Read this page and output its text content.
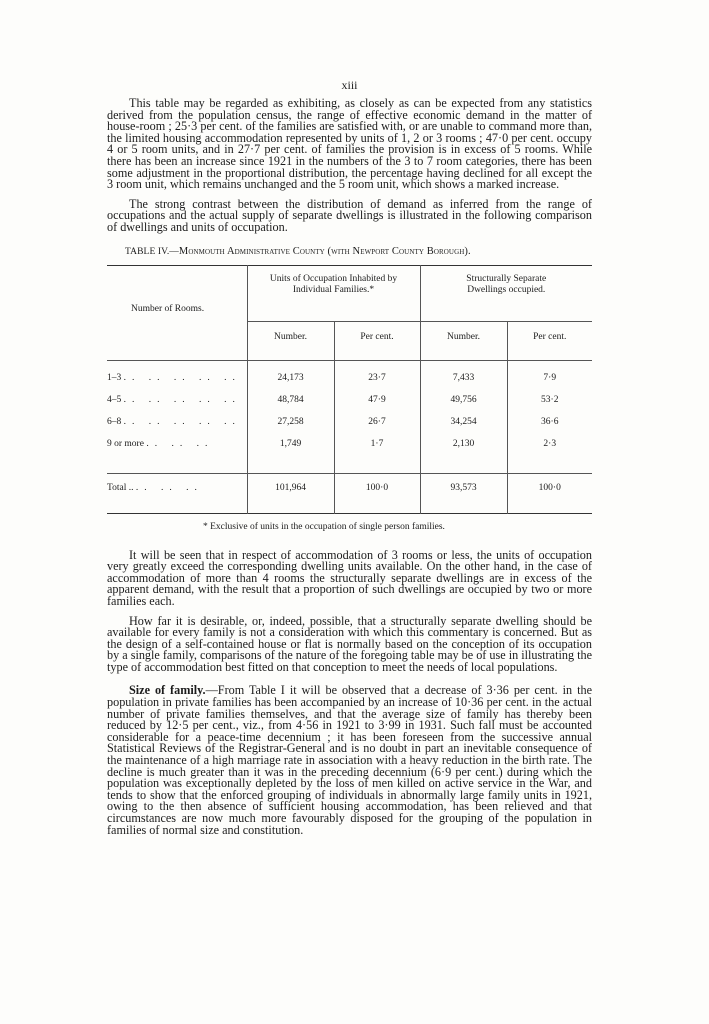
xiii

This table may be regarded as exhibiting, as closely as can be expected from any statistics derived from the population census, the range of effective economic demand in the matter of house-room ; 25·3 per cent. of the families are satisfied with, or are unable to command more than, the limited housing accommodation represented by units of 1, 2 or 3 rooms ; 47·0 per cent. occupy 4 or 5 room units, and in 27·7 per cent. of families the provision is in excess of 5 rooms. While there has been an increase since 1921 in the numbers of the 3 to 7 room categories, there has been some adjustment in the proportional distribution, the percentage having declined for all except the 3 room unit, which remains unchanged and the 5 room unit, which shows a marked increase.

The strong contrast between the distribution of demand as inferred from the range of occupations and the actual supply of separate dwellings is illustrated in the following comparison of dwellings and units of occupation.

TABLE IV.—Monmouth Administrative County (with Newport County Borough).
Number of Rooms.	Units of Occupation Inhabited by Individual Families.*		Structurally Separate Dwellings occupied.	
	Number.	Per cent.	Number.	Per cent.

1–3 .. .. .. .. ..	24,173	23·7	7,433	7·9
4–5 .. .. .. .. ..	48,784	47·9	49,756	53·2
6–8 .. .. .. .. ..	27,258	26·7	34,254	36·6
9 or more .. .. ..	1,749	1·7	2,130	2·3

Total .. .. .. ..	101,964	100·0	93,573	100·0
* Exclusive of units in the occupation of single person families.

It will be seen that in respect of accommodation of 3 rooms or less, the units of occupation very greatly exceed the corresponding dwelling units available. On the other hand, in the case of accommodation of more than 4 rooms the structurally separate dwellings are in excess of the apparent demand, with the result that a proportion of such dwellings are occupied by two or more families each.

How far it is desirable, or, indeed, possible, that a structurally separate dwelling should be available for every family is not a consideration with which this commentary is concerned. But as the design of a self-contained house or flat is normally based on the conception of its occupation by a single family, comparisons of the nature of the foregoing table may be of use in illustrating the type of accommodation best fitted on that conception to meet the needs of local populations.

Size of family.—From Table I it will be observed that a decrease of 3·36 per cent. in the population in private families has been accompanied by an increase of 10·36 per cent. in the actual number of private families themselves, and that the average size of family has thereby been reduced by 12·5 per cent., viz., from 4·56 in 1921 to 3·99 in 1931. Such fall must be accounted considerable for a peace-time decennium ; it has been foreseen from the successive annual Statistical Reviews of the Registrar-General and is no doubt in part an inevitable consequence of the maintenance of a high marriage rate in association with a heavy reduction in the birth rate. The decline is much greater than it was in the preceding decennium (6·9 per cent.) during which the population was exceptionally depleted by the loss of men killed on active service in the War, and tends to show that the enforced grouping of individuals in abnormally large family units in 1921, owing to the then absence of sufficient housing accommodation, has been relieved and that circumstances are now much more favourably disposed for the grouping of the population in families of normal size and constitution.
